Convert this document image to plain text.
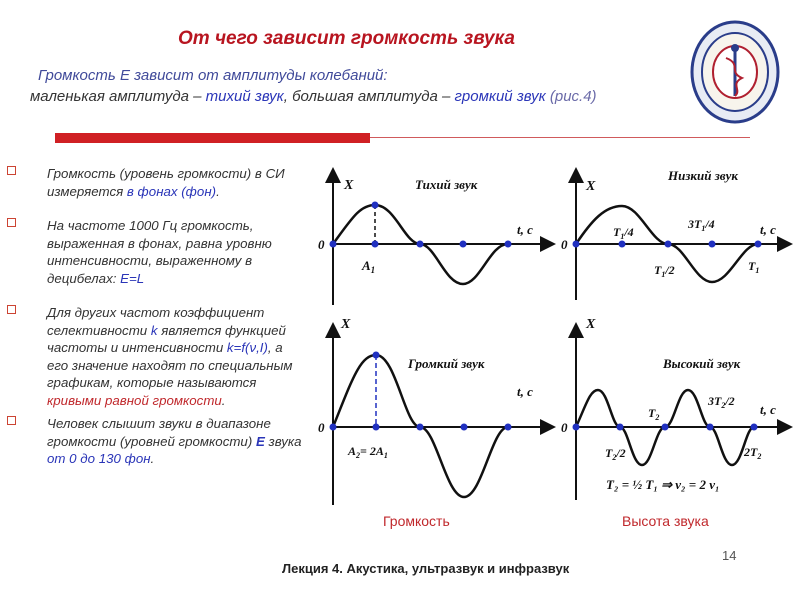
От чего зависит громкость звука
Громкость E зависит от амплитуды колебаний:
маленькая амплитуда – тихий звук, большая амплитуда – громкий звук (рис.4)
Громкость (уровень громкости) в СИ измеряется в фонах (фон).
На частоте 1000 Гц громкость, выраженная в фонах, равна уровню интенсивности, выраженному в децибелах: E=L
Для других частот коэффициент селективности k является функцией частоты и интенсивности k=f(ν,I), а его значение находят по специальным графикам, которые называются кривыми равной громкости.
Человек слышит звуки в диапазоне громкости (уровней громкости) E звука от 0 до 130 фон.
X
0
Тихий звук
t, с
$A_1$
X
0
Низкий звук
t, с
$T_1/4$
$3T_1/4$
$T_1/2$	$T_1$
X
0
Громкий звук
t, с
$A_2= 2A_1$
X
0
Высокий звук
t, с
$T_2$
$3T_2/2$
$T_2/2$	$2T_2$
T₂ = ½ T₁ ⇒ ν₂ = 2 ν₁
Громкость	Высота звука
14
Лекция 4. Акустика, ультразвук и инфразвук
